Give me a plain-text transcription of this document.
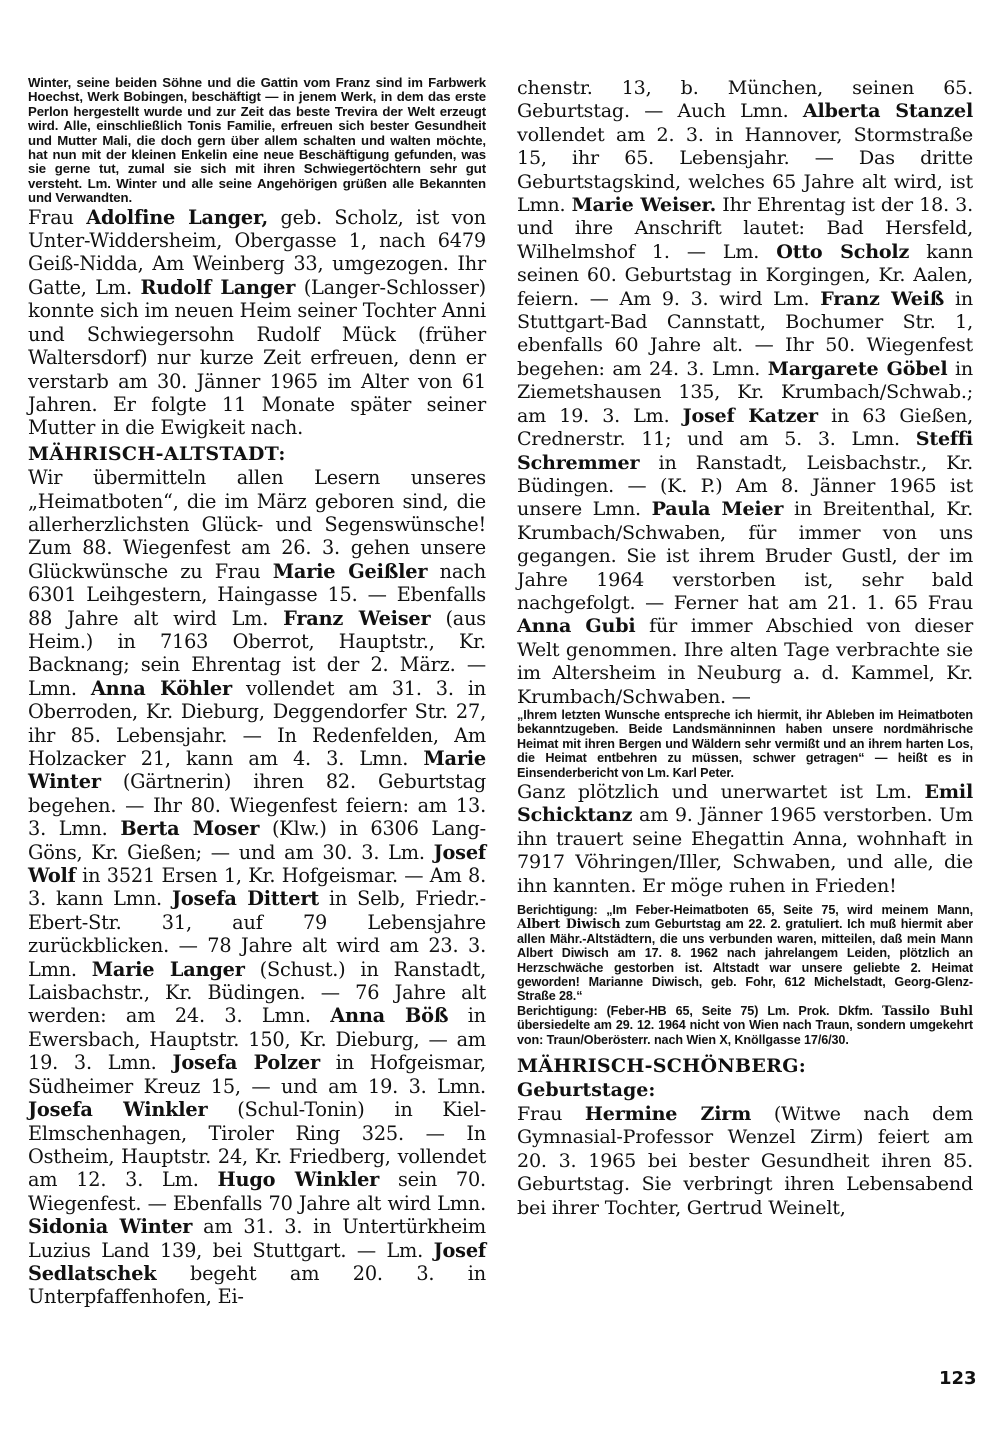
Winter, seine beiden Söhne und die Gattin vom Franz sind im Farbwerk Hoechst, Werk Bobingen, beschäftigt — in jenem Werk, in dem das erste Perlon hergestellt wurde und zur Zeit das beste Trevira der Welt erzeugt wird. Alle, einschließlich Tonis Familie, erfreuen sich bester Gesundheit und Mutter Mali, die doch gern über allem schalten und walten möchte, hat nun mit der kleinen Enkelin eine neue Beschäftigung gefunden, was sie gerne tut, zumal sie sich mit ihren Schwiegertöchtern sehr gut versteht. Lm. Winter und alle seine Angehörigen grüßen alle Bekannten und Verwandten.

Frau Adolfine Langer, geb. Scholz, ist von Unter-Widdersheim, Obergasse 1, nach 6479 Geiß-Nidda, Am Weinberg 33, umgezogen. Ihr Gatte, Lm. Rudolf Langer (Langer-Schlosser) konnte sich im neuen Heim seiner Tochter Anni und Schwiegersohn Rudolf Mück (früher Waltersdorf) nur kurze Zeit erfreuen, denn er verstarb am 30. Jänner 1965 im Alter von 61 Jahren. Er folgte 11 Monate später seiner Mutter in die Ewigkeit nach.

MÄHRISCH-ALTSTADT:

Wir übermitteln allen Lesern unseres „Heimatboten“, die im März geboren sind, die allerherzlichsten Glück- und Segenswünsche! Zum 88. Wiegenfest am 26. 3. gehen unsere Glückwünsche zu Frau Marie Geißler nach 6301 Leihgestern, Haingasse 15. — Ebenfalls 88 Jahre alt wird Lm. Franz Weiser (aus Heim.) in 7163 Oberrot, Hauptstr., Kr. Backnang; sein Ehrentag ist der 2. März. — Lmn. Anna Köhler vollendet am 31. 3. in Oberroden, Kr. Dieburg, Deggendorfer Str. 27, ihr 85. Lebensjahr. — In Redenfelden, Am Holzacker 21, kann am 4. 3. Lmn. Marie Winter (Gärtnerin) ihren 82. Geburtstag begehen. — Ihr 80. Wiegenfest feiern: am 13. 3. Lmn. Berta Moser (Klw.) in 6306 Lang-Göns, Kr. Gießen; — und am 30. 3. Lm. Josef Wolf in 3521 Ersen 1, Kr. Hofgeismar. — Am 8. 3. kann Lmn. Josefa Dittert in Selb, Friedr.-Ebert-Str. 31, auf 79 Lebensjahre zurückblicken. — 78 Jahre alt wird am 23. 3. Lmn. Marie Langer (Schust.) in Ranstadt, Laisbachstr., Kr. Büdingen. — 76 Jahre alt werden: am 24. 3. Lmn. Anna Böß in Ewersbach, Hauptstr. 150, Kr. Dieburg, — am 19. 3. Lmn. Josefa Polzer in Hofgeismar, Südheimer Kreuz 15, — und am 19. 3. Lmn. Josefa Winkler (Schul-Tonin) in Kiel-Elmschenhagen, Tiroler Ring 325. — In Ostheim, Hauptstr. 24, Kr. Friedberg, vollendet am 12. 3. Lm. Hugo Winkler sein 70. Wiegenfest. — Ebenfalls 70 Jahre alt wird Lmn. Sidonia Winter am 31. 3. in Untertürkheim Luzius Land 139, bei Stuttgart. — Lm. Josef Sedlatschek begeht am 20. 3. in Unterpfaffenhofen, Ei-

chenstr. 13, b. München, seinen 65. Geburtstag. — Auch Lmn. Alberta Stanzel vollendet am 2. 3. in Hannover, Stormstraße 15, ihr 65. Lebensjahr. — Das dritte Geburtstagskind, welches 65 Jahre alt wird, ist Lmn. Marie Weiser. Ihr Ehrentag ist der 18. 3. und ihre Anschrift lautet: Bad Hersfeld, Wilhelmshof 1. — Lm. Otto Scholz kann seinen 60. Geburtstag in Korgingen, Kr. Aalen, feiern. — Am 9. 3. wird Lm. Franz Weiß in Stuttgart-Bad Cannstatt, Bochumer Str. 1, ebenfalls 60 Jahre alt. — Ihr 50. Wiegenfest begehen: am 24. 3. Lmn. Margarete Göbel in Ziemetshausen 135, Kr. Krumbach/Schwab.; am 19. 3. Lm. Josef Katzer in 63 Gießen, Crednerstr. 11; und am 5. 3. Lmn. Steffi Schremmer in Ranstadt, Leisbachstr., Kr. Büdingen. — (K. P.) Am 8. Jänner 1965 ist unsere Lmn. Paula Meier in Breitenthal, Kr. Krumbach/Schwaben, für immer von uns gegangen. Sie ist ihrem Bruder Gustl, der im Jahre 1964 verstorben ist, sehr bald nachgefolgt. — Ferner hat am 21. 1. 65 Frau Anna Gubi für immer Abschied von dieser Welt genommen. Ihre alten Tage verbrachte sie im Altersheim in Neuburg a. d. Kammel, Kr. Krumbach/Schwaben. —

„Ihrem letzten Wunsche entspreche ich hiermit, ihr Ableben im Heimatboten bekanntzugeben. Beide Landsmänninnen haben unsere nordmährische Heimat mit ihren Bergen und Wäldern sehr vermißt und an ihrem harten Los, die Heimat entbehren zu müssen, schwer getragen“ — heißt es in Einsenderbericht von Lm. Karl Peter.

Ganz plötzlich und unerwartet ist Lm. Emil Schicktanz am 9. Jänner 1965 verstorben. Um ihn trauert seine Ehegattin Anna, wohnhaft in 7917 Vöhringen/Iller, Schwaben, und alle, die ihn kannten. Er möge ruhen in Frieden!

Berichtigung: „Im Feber-Heimatboten 65, Seite 75, wird meinem Mann, Albert Diwisch zum Geburtstag am 22. 2. gratuliert. Ich muß hiermit aber allen Mähr.-Altstädtern, die uns verbunden waren, mitteilen, daß mein Mann Albert Diwisch am 17. 8. 1962 nach jahrelangem Leiden, plötzlich an Herzschwäche gestorben ist. Altstadt war unsere geliebte 2. Heimat geworden! Marianne Diwisch, geb. Fohr, 612 Michelstadt, Georg-Glenz-Straße 28.“

Berichtigung: (Feber-HB 65, Seite 75) Lm. Prok. Dkfm. Tassilo Buhl übersiedelte am 29. 12. 1964 nicht von Wien nach Traun, sondern umgekehrt von: Traun/Oberösterr. nach Wien X, Knöllgasse 17/6/30.

MÄHRISCH-SCHÖNBERG:
Geburtstage:

Frau Hermine Zirm (Witwe nach dem Gymnasial-Professor Wenzel Zirm) feiert am 20. 3. 1965 bei bester Gesundheit ihren 85. Geburtstag. Sie verbringt ihren Lebensabend bei ihrer Tochter, Gertrud Weinelt,

123
